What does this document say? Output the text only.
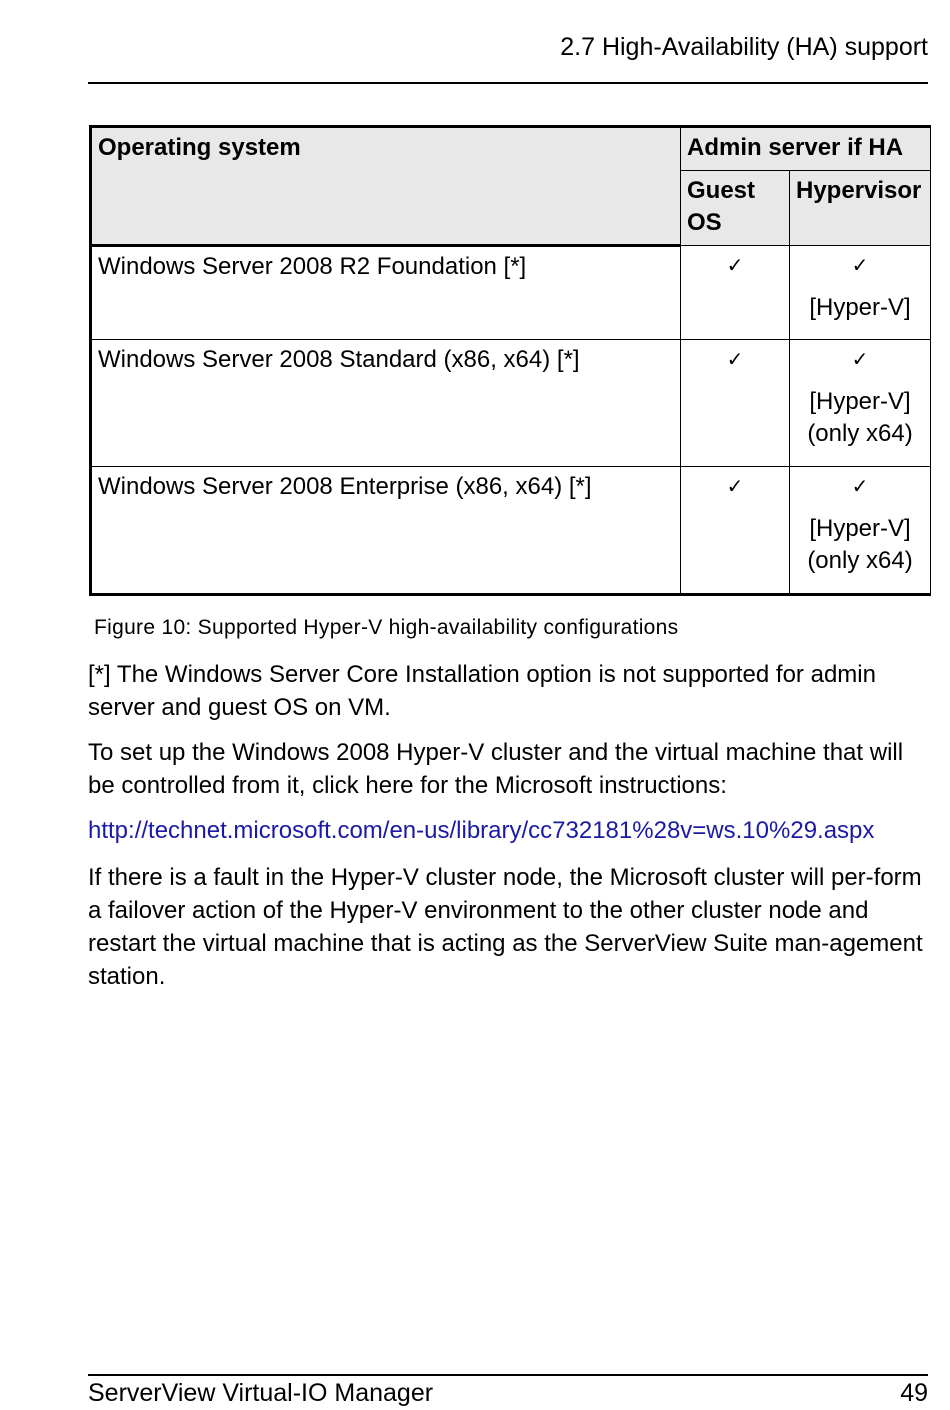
2.7 High-Availability (HA) support
Operating system	Admin server if HA	
	Guest OS	Hypervisor
Windows Server 2008 R2 Foundation [*]	✓	✓
[Hyper-V]

Windows Server 2008 Standard (x86, x64) [*]	✓	✓
[Hyper-V]
(only x64)
Windows Server 2008 Enterprise (x86, x64) [*]	✓	✓
[Hyper-V]
(only x64)
Figure 10: Supported Hyper-V high-availability configurations

[*] The Windows Server Core Installation option is not supported for admin server and guest OS on VM.

To set up the Windows 2008 Hyper-V cluster and the virtual machine that will be controlled from it, click here for the Microsoft instructions:

http://technet.microsoft.com/en-us/library/cc732181%28v=ws.10%29.aspx

If there is a fault in the Hyper-V cluster node, the Microsoft cluster will per-form a failover action of the Hyper-V environment to the other cluster node and restart the virtual machine that is acting as the ServerView Suite man-agement station.

ServerView Virtual-IO Manager	49
